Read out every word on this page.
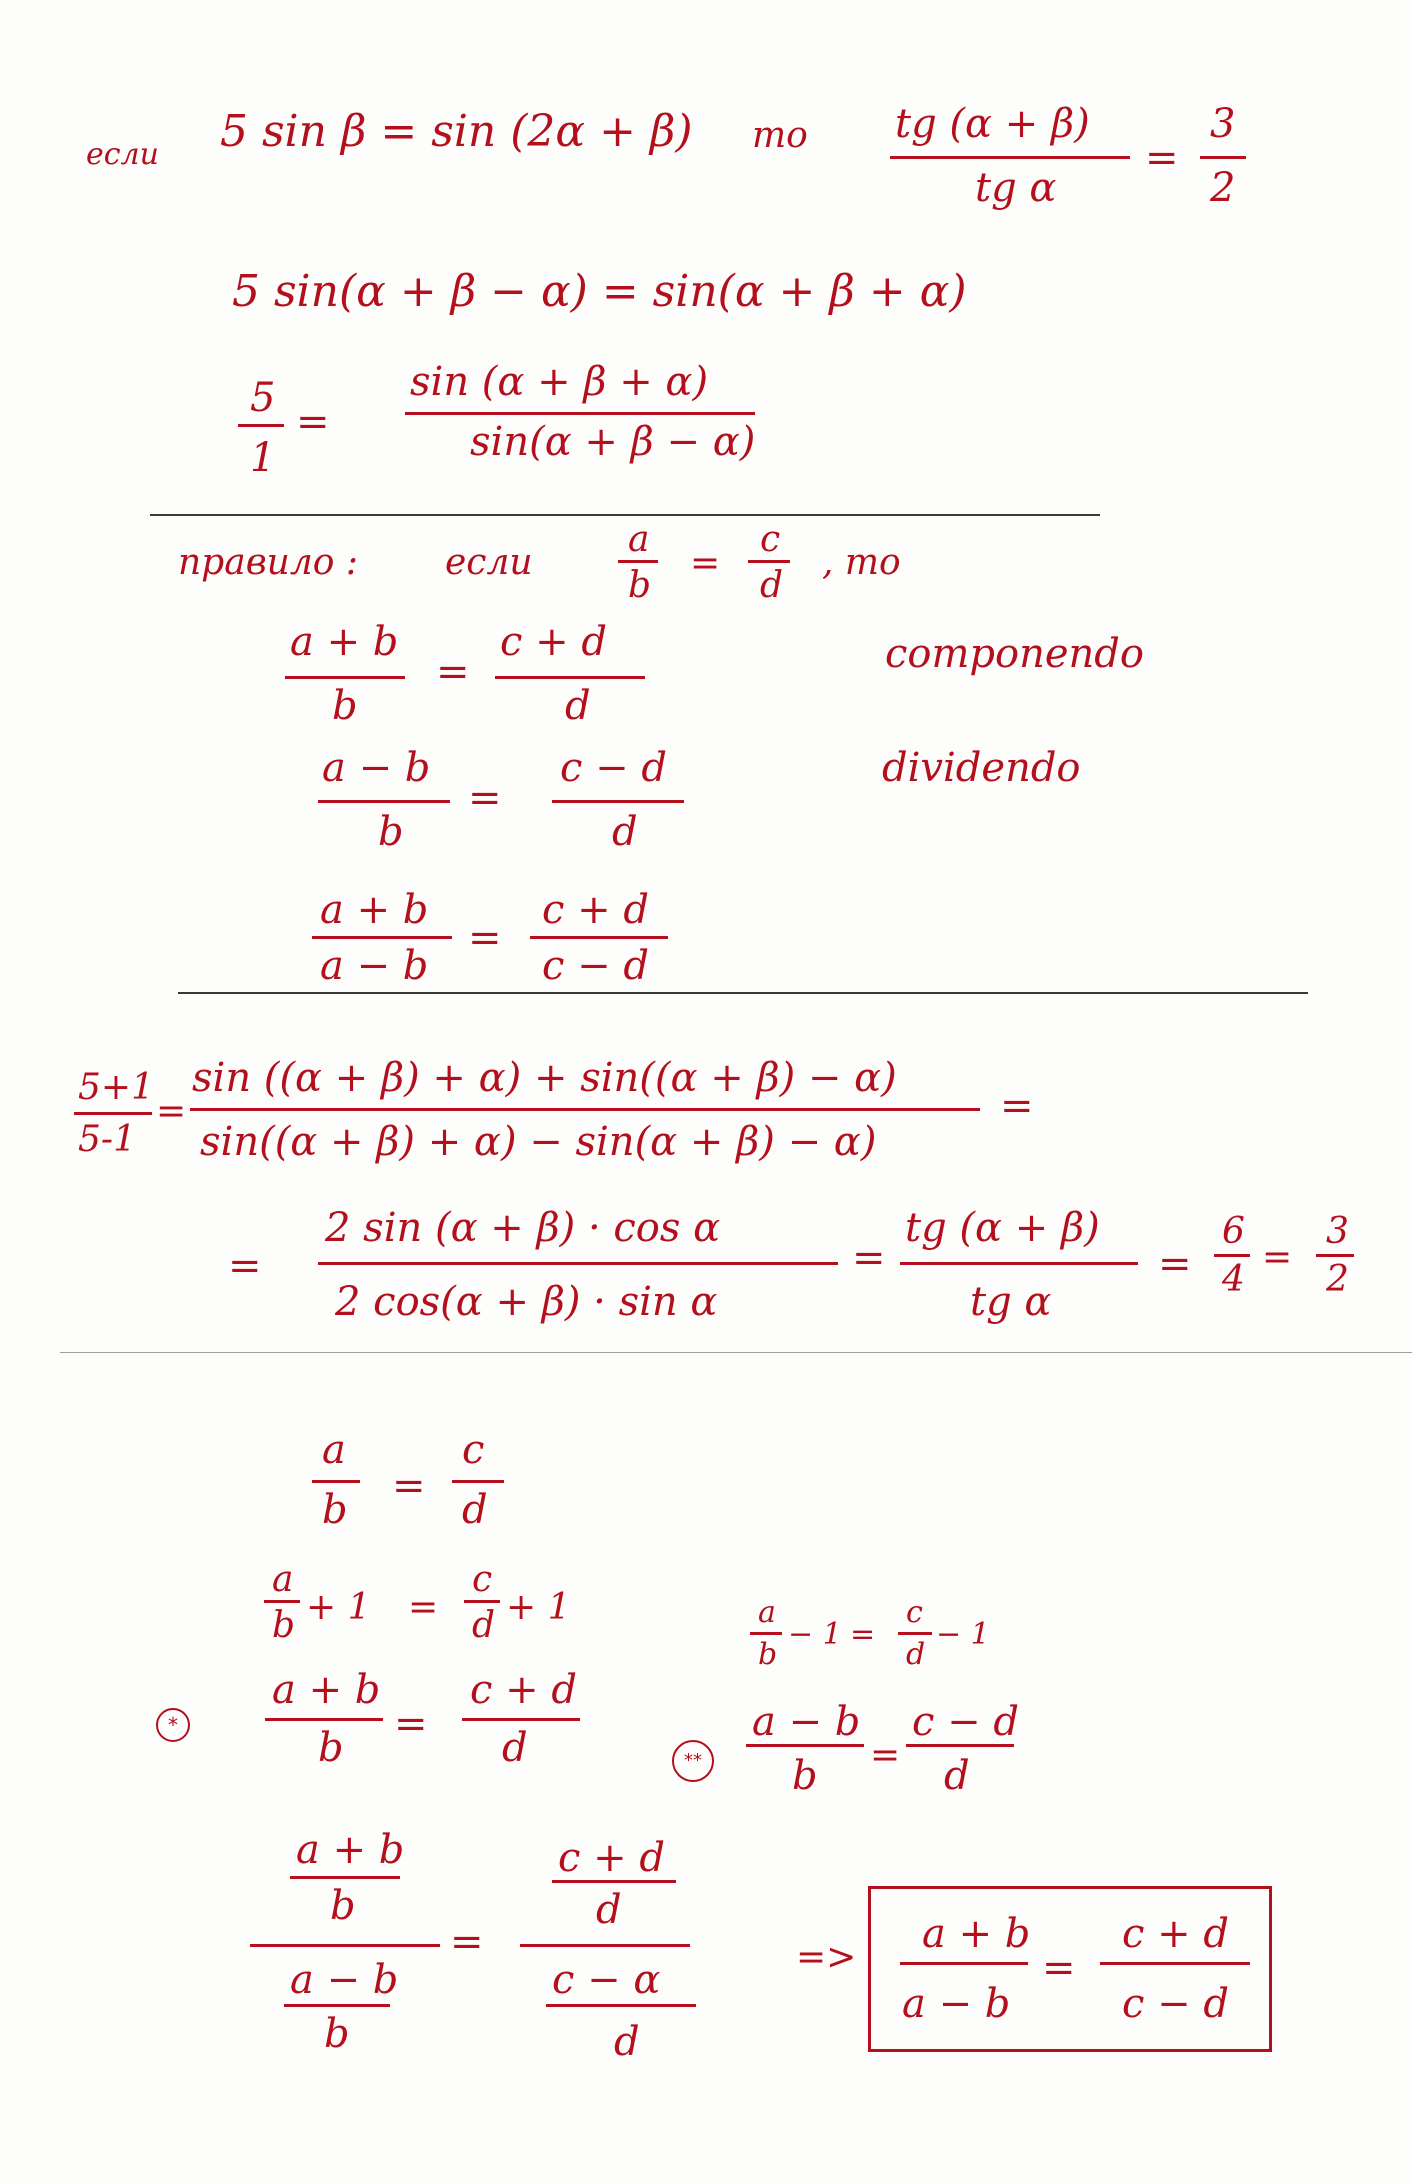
если 5 sin β = sin (2α + β) то tg (α + β)
tg α
=
3
2
5 sin(α + β − α) = sin(α + β + α)
5
1
=
sin (α + β + α)
sin(α + β − α)
правило : если
a
b
=
c
d
, то
a + b
b
=
c + d
d
componendo
a − b
b
=
c − d
d
dividendo
a + b
a − b
=
c + d
c − d
5+1
5-1
=
sin ((α + β) + α) + sin((α + β) − α)
sin((α + β) + α) − sin(α + β) − α)
=
=
2 sin (α + β) · cos α
2 cos(α + β) · sin α
=
tg (α + β)
tg α
=
6
4
=
3
2
a
b
=
c
d
a
b + 1 =
c
d + 1	a
b
− 1 =
c
d
− 1
*
a + b
b
=
c + d
d	**
a − b
b =
c − d
d
a + b
b
a − b
b
=
c + d
d
c − α
d
=>
a + b
a − b
=
c + d
c − d
